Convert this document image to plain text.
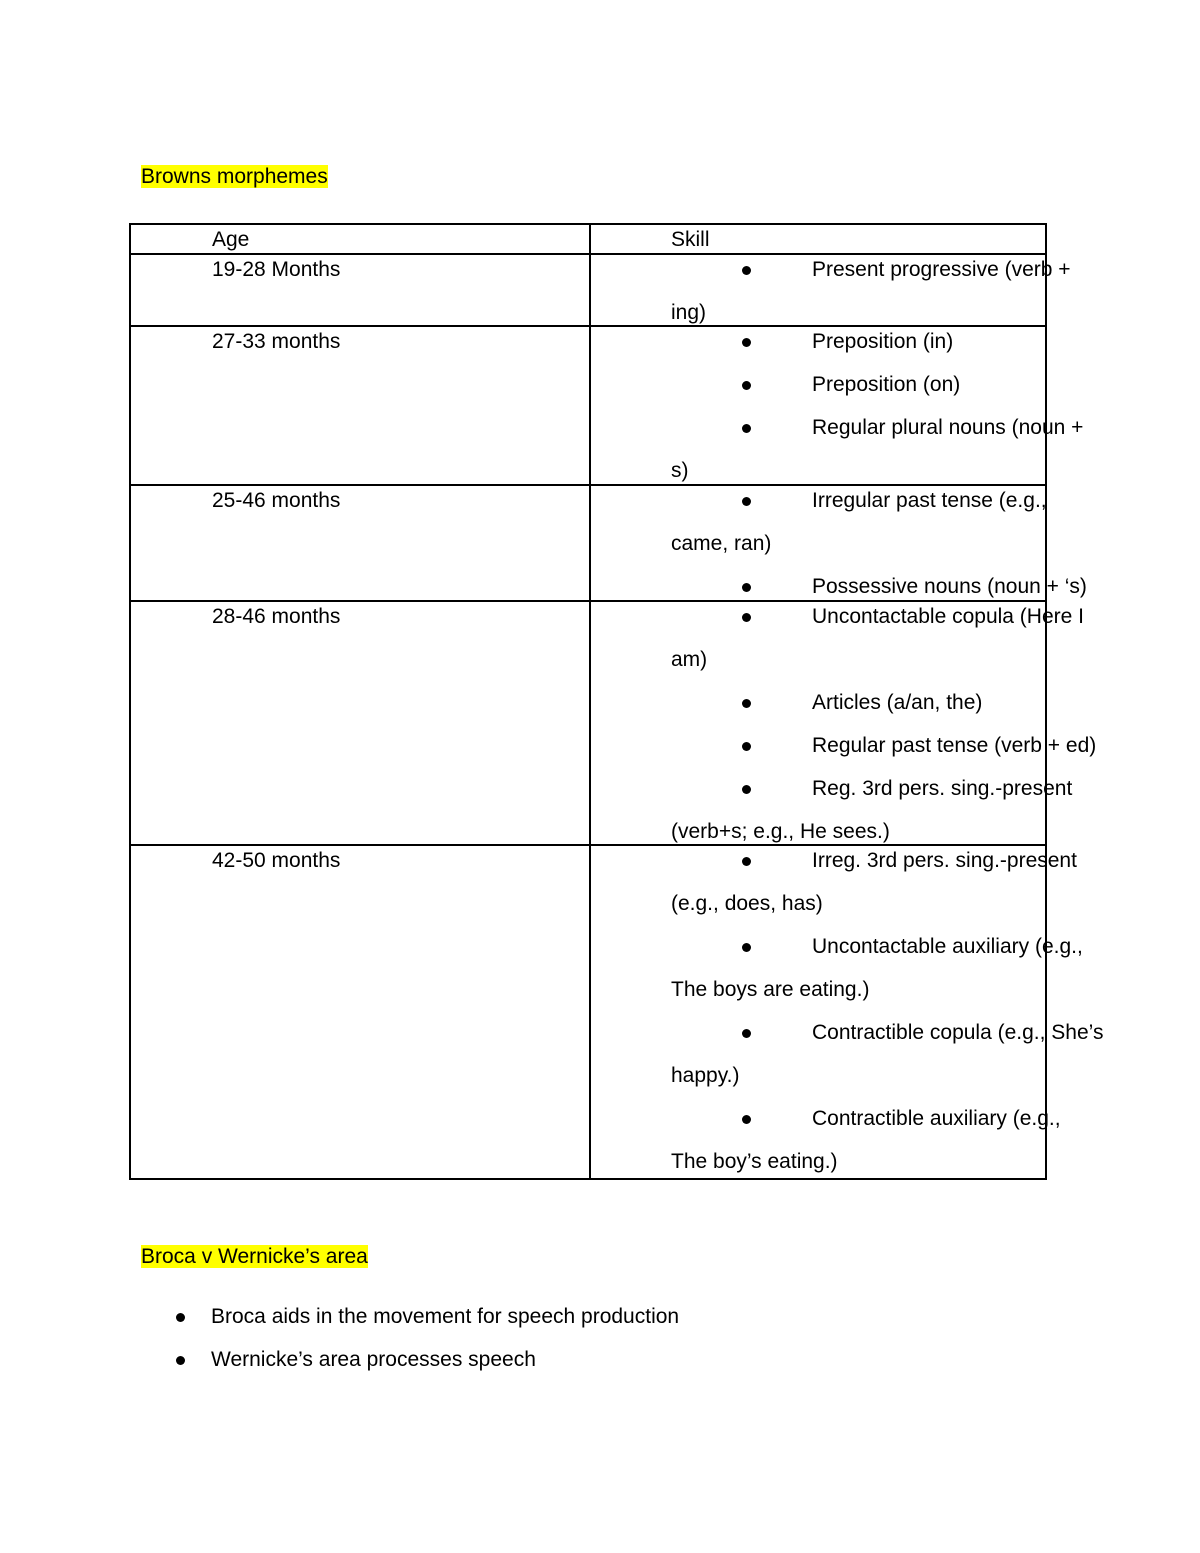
Browns morphemes
Age	Skill
19-28 Months	Present progressive (verb +
ing)
27-33 months	Preposition (in)
Preposition (on)
Regular plural nouns (noun +
s)
25-46 months	Irregular past tense (e.g.,
came, ran)
Possessive nouns (noun + ‘s)
28-46 months	Uncontactable copula (Here I
am)
Articles (a/an, the)
Regular past tense (verb + ed)
Reg. 3rd pers. sing.-present
(verb+s; e.g., He sees.)
42-50 months	Irreg. 3rd pers. sing.-present
(e.g., does, has)
Uncontactable auxiliary (e.g.,
The boys are eating.)
Contractible copula (e.g., She’s
happy.)
Contractible auxiliary (e.g.,
The boy’s eating.)
Broca v Wernicke’s area
Broca aids in the movement for speech production
Wernicke’s area processes speech
